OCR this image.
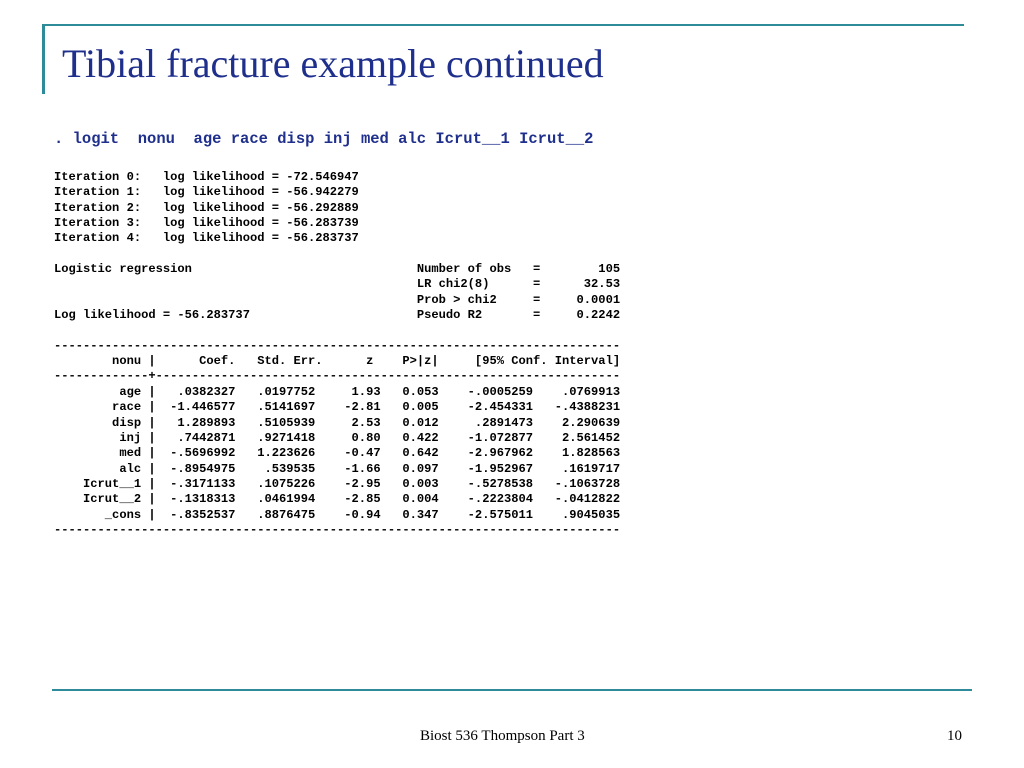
Tibial fracture example continued
. logit  nonu  age race disp inj med alc Icrut__1 Icrut__2
Iteration 0:   log likelihood = -72.546947
Iteration 1:   log likelihood = -56.942279
Iteration 2:   log likelihood = -56.292889
Iteration 3:   log likelihood = -56.283739
Iteration 4:   log likelihood = -56.283737

Logistic regression                               Number of obs   =        105
LR chi2(8)      =      32.53
Prob > chi2     =     0.0001
Log likelihood = -56.283737                       Pseudo R2       =     0.2242

------------------------------------------------------------------------------
nonu |      Coef.   Std. Err.      z    P>|z|     [95% Conf. Interval]
-------------+----------------------------------------------------------------
age |   .0382327   .0197752     1.93   0.053    -.0005259    .0769913
race |  -1.446577   .5141697    -2.81   0.005    -2.454331   -.4388231
disp |   1.289893   .5105939     2.53   0.012     .2891473    2.290639
inj |   .7442871   .9271418     0.80   0.422    -1.072877    2.561452
med |  -.5696992   1.223626    -0.47   0.642    -2.967962    1.828563
alc |  -.8954975    .539535    -1.66   0.097    -1.952967    .1619717
Icrut__1 |  -.3171133   .1075226    -2.95   0.003    -.5278538   -.1063728
Icrut__2 |  -.1318313   .0461994    -2.85   0.004    -.2223804   -.0412822
_cons |  -.8352537   .8876475    -0.94   0.347    -2.575011    .9045035
------------------------------------------------------------------------------

Biost 536 Thompson Part 3	10
